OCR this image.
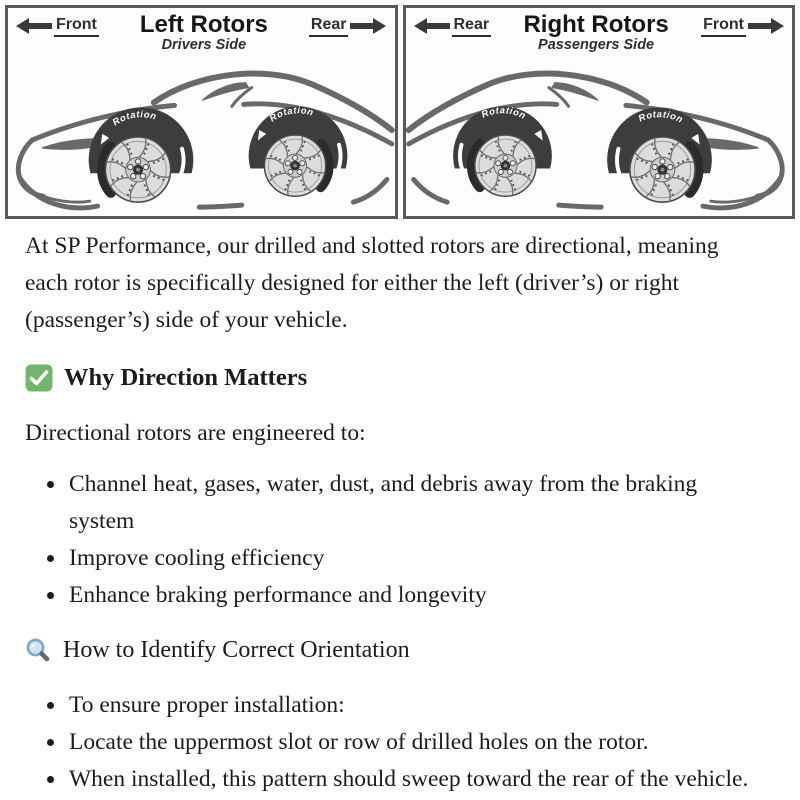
Front Left Rotors
Drivers Side
Rear
Rotation	Rotation
Rear Right Rotors
Passengers Side
Front
Rotation
Rotation

At SP Performance, our drilled and slotted rotors are directional, meaning each rotor is specifically designed for either the left (driver’s) or right (passenger’s) side of your vehicle.

Why Direction Matters

Directional rotors are engineered to:

• Channel heat, gases, water, dust, and debris away from the braking system
• Improve cooling efficiency
• Enhance braking performance and longevity
How to Identify Correct Orientation
• To ensure proper installation:
• Locate the uppermost slot or row of drilled holes on the rotor.
• When installed, this pattern should sweep toward the rear of the vehicle.
